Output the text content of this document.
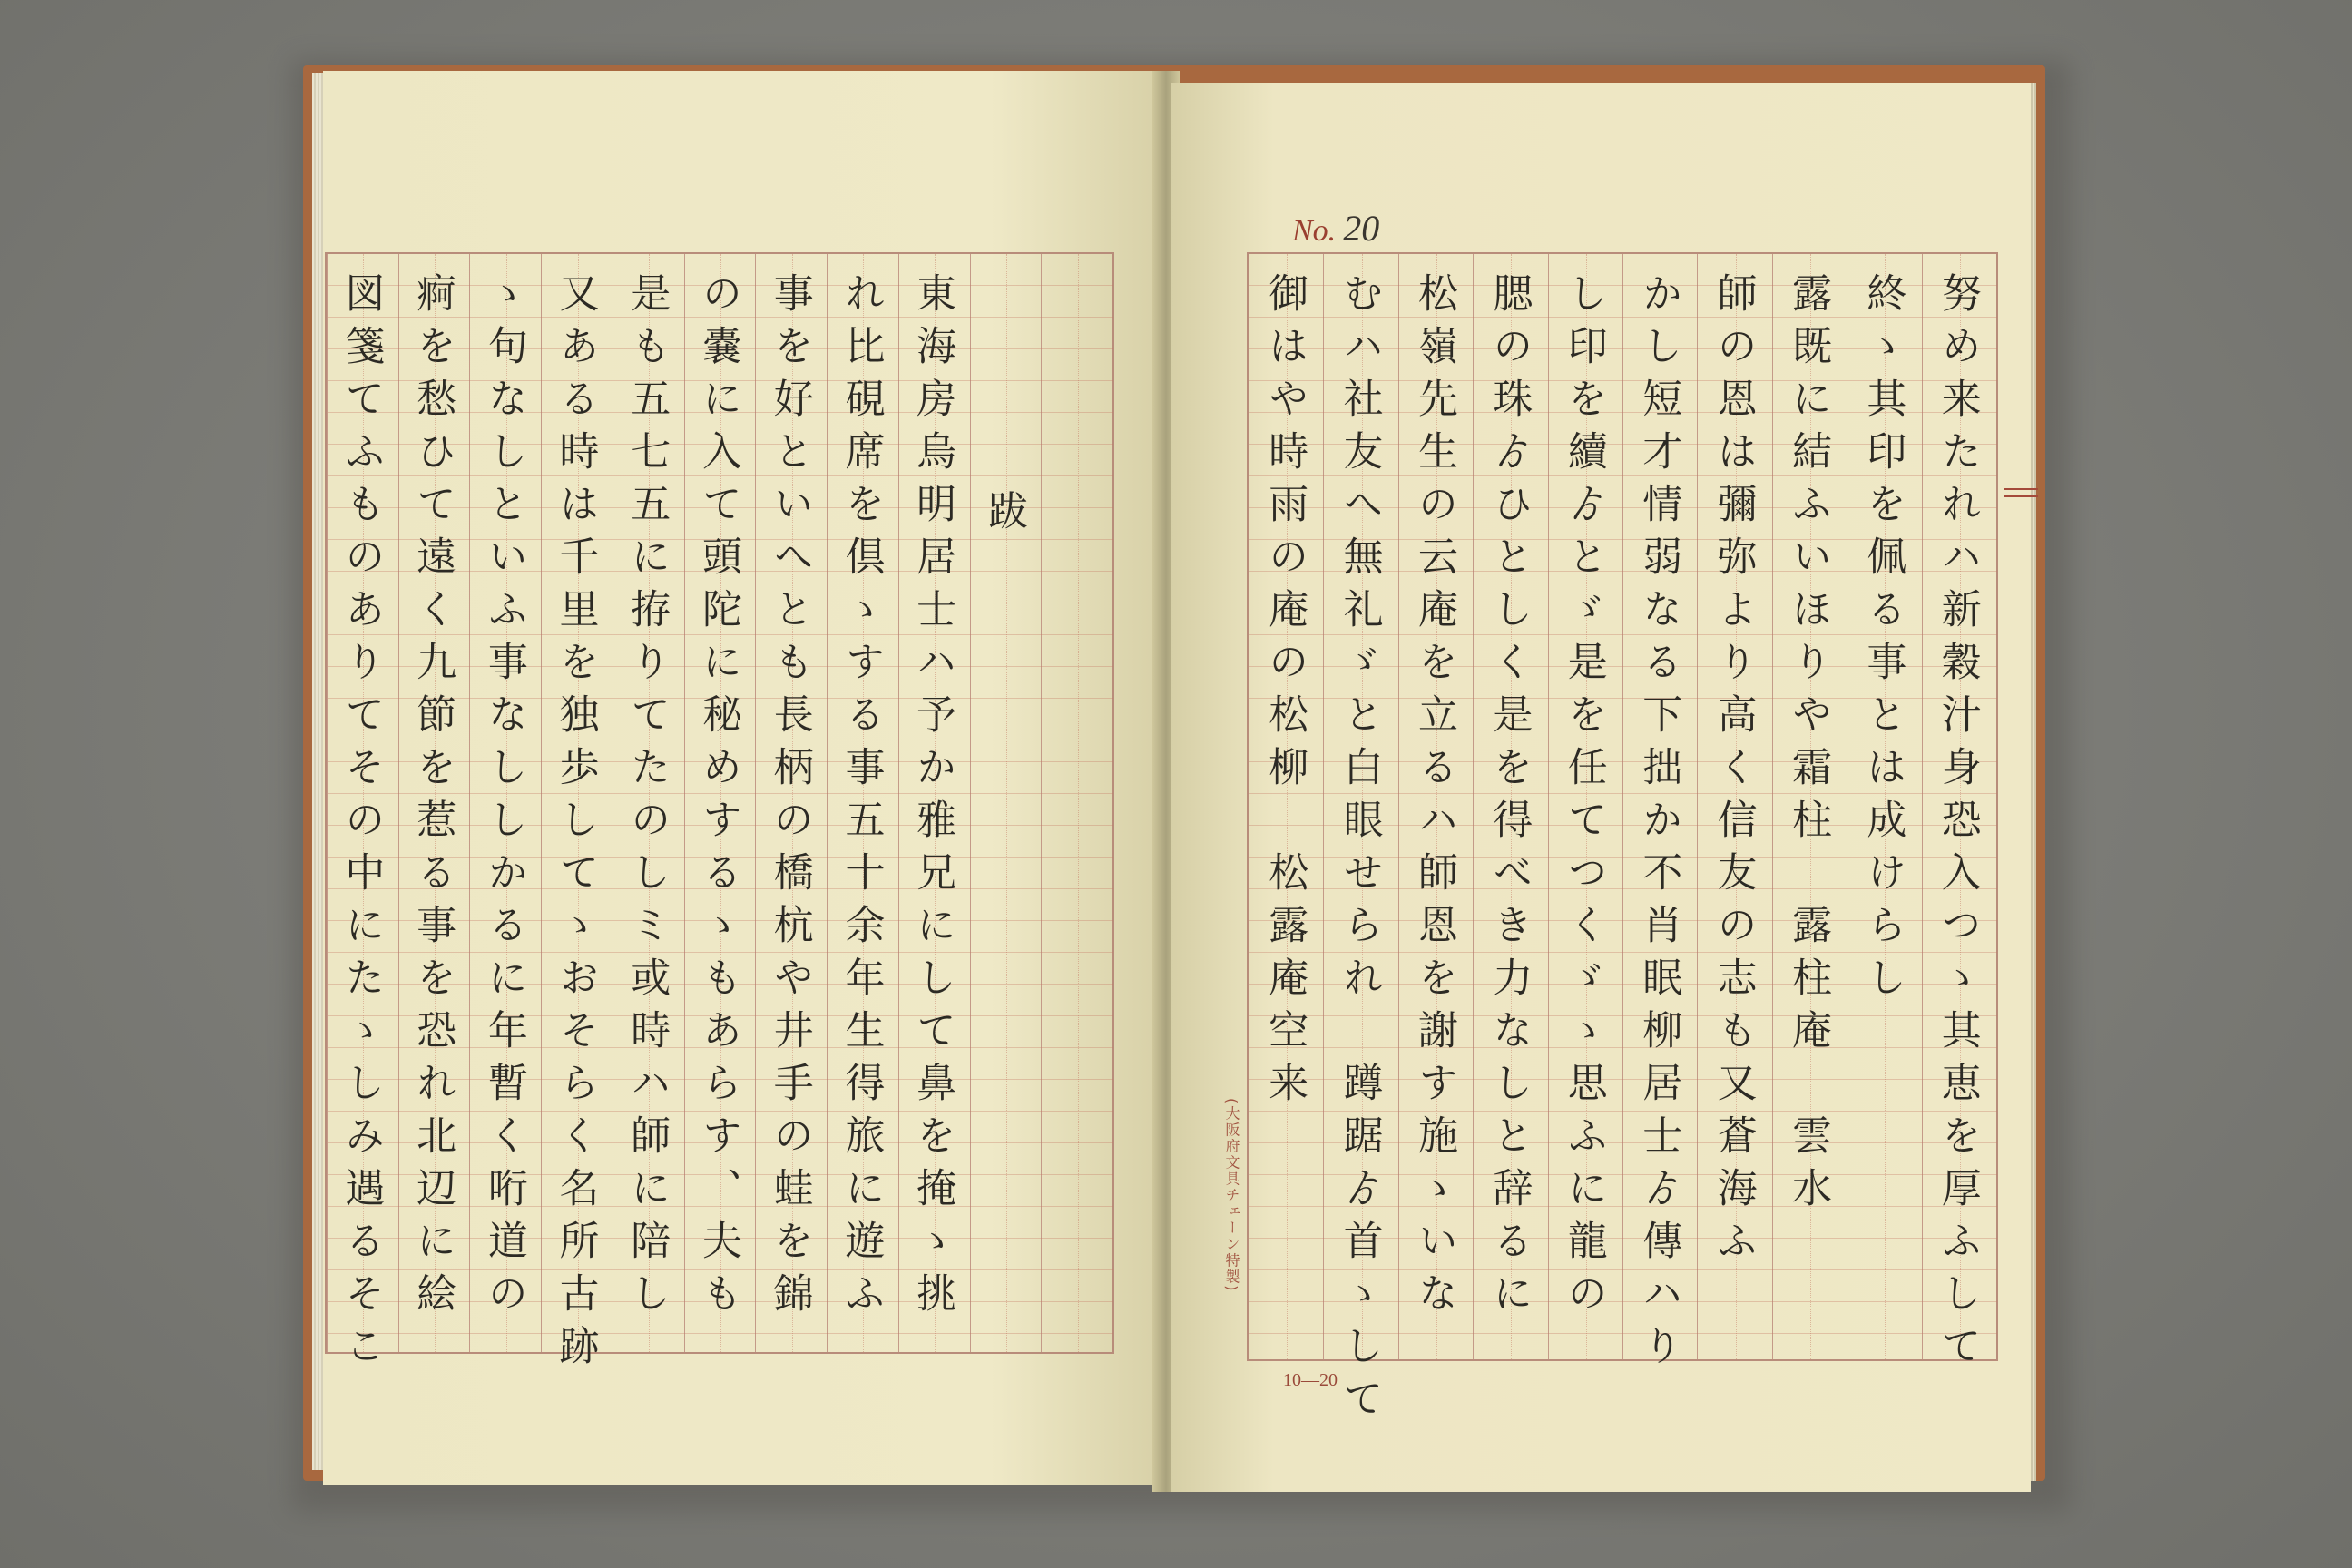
跋
東海房烏明居士ハ予か雅兄にして鼻を掩ゝ挑
れ比硯席を倶ゝする事五十余年生得旅に遊ふ
事を好といへとも長柄の橋杭や井手の蛙を錦
の嚢に入て頭陀に秘めするゝもあらす、夫も
是も五七五に拵りてたのしミ或時ハ師に陪し
又ある時は千里を独歩してゝおそらく名所古跡
ゝ句なしといふ事なししかるに年暫く哘道の
痾を愁ひて遠く九節を惹る事を恐れ北辺に絵
図箋てふものありてその中にたゝしみ遇るそこ	努め来たれハ新穀汁身恐入つゝ其恵を厚ふして
終ゝ其印を佩る事とは成けらし
露既に結ふいほりや霜柱　露柱庵　雲水
師の恩は彌弥より高く信友の志も又蒼海ふ
かし短才情弱なる下拙か不肖眠柳居士ゟ傳ハり
し印を續ゟとゞ是を任てつくゞゝ思ふに龍の
腮の珠ゟひとしく是を得べき力なしと辞るに
松嶺先生の云庵を立るハ師恩を謝す施ゝいな
むハ社友へ無礼ゞと白眼せられ　蹲踞ゟ首ゝして
御はや時雨の庵の松柳　松露庵空来
No. 20
10—20
(大阪府文具チェーン特製)
